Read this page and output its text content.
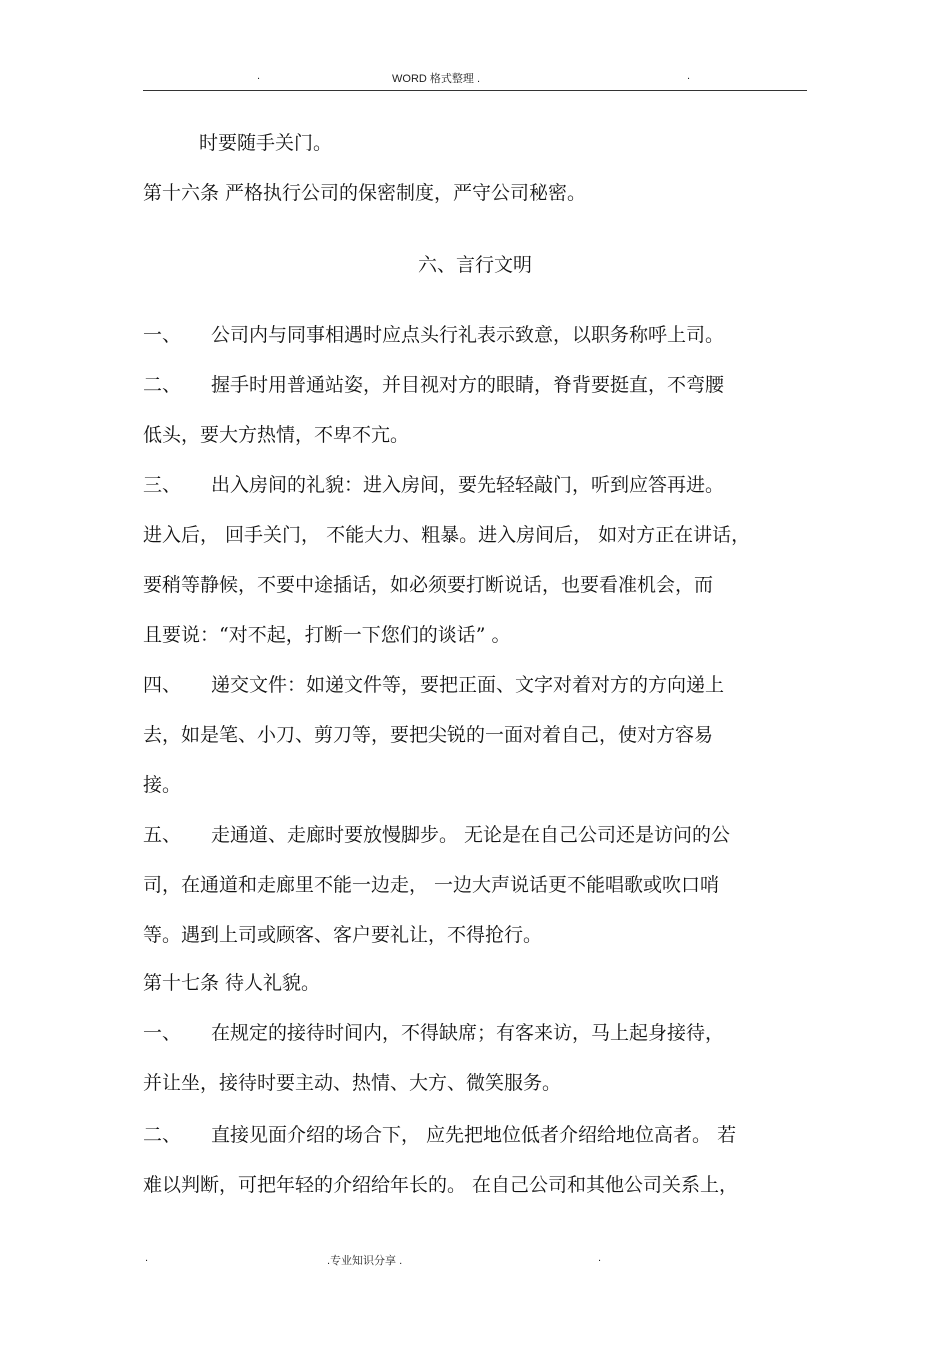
.	WORD 格式整理 .	.
时要随手关门。
第十六条 严格执行公司的保密制度，严守公司秘密。
六、言行文明
一、 公司内与同事相遇时应点头行礼表示致意，以职务称呼上司。
二、 握手时用普通站姿，并目视对方的眼睛，脊背要挺直，不弯腰
低头，要大方热情，不卑不亢。
三、 出入房间的礼貌：进入房间，要先轻轻敲门，听到应答再进。
进入后， 回手关门， 不能大力、粗暴。进入房间后， 如对方正在讲话，
要稍等静候，不要中途插话，如必须要打断说话，也要看准机会，而
且要说：“对不起，打断一下您们的谈话” 。
四、 递交文件：如递文件等，要把正面、文字对着对方的方向递上
去，如是笔、小刀、剪刀等，要把尖锐的一面对着自己，使对方容易
接。
五、 走通道、走廊时要放慢脚步。 无论是在自己公司还是访问的公
司，在通道和走廊里不能一边走， 一边大声说话更不能唱歌或吹口哨
等。遇到上司或顾客、客户要礼让，不得抢行。
第十七条 待人礼貌。
一、 在规定的接待时间内，不得缺席；有客来访，马上起身接待，
并让坐，接待时要主动、热情、大方、微笑服务。
二、 直接见面介绍的场合下， 应先把地位低者介绍给地位高者。 若
难以判断，可把年轻的介绍给年长的。 在自己公司和其他公司关系上，
.	.专业知识分享 .	.
